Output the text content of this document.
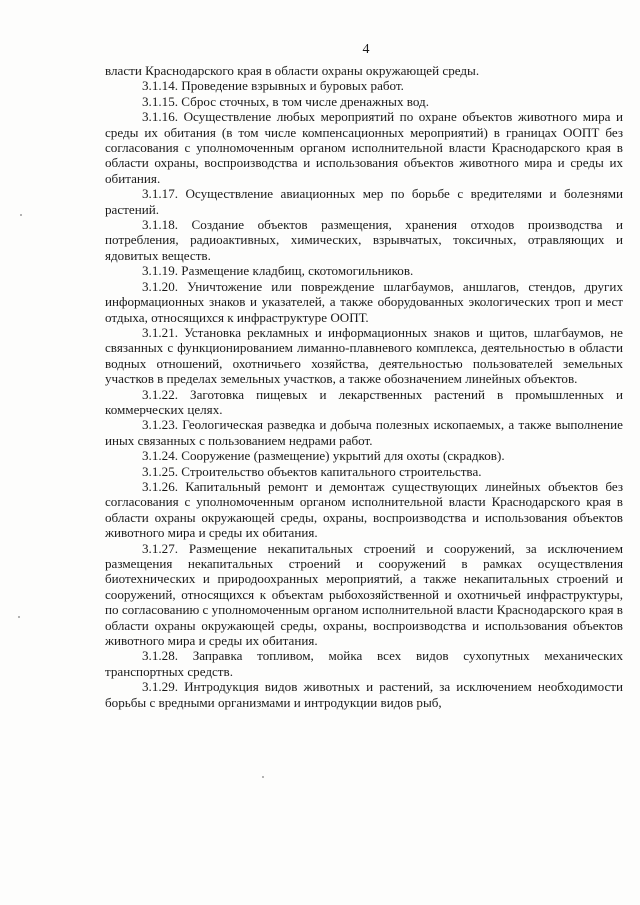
4

власти Краснодарского края в области охраны окружающей среды.

3.1.14. Проведение взрывных и буровых работ.

3.1.15. Сброс сточных, в том числе дренажных вод.

3.1.16. Осуществление любых мероприятий по охране объектов животного мира и среды их обитания (в том числе компенсационных мероприятий) в границах ООПТ без согласования с уполномоченным органом исполнительной власти Краснодарского края в области охраны, воспроизводства и использования объектов животного мира и среды их обитания.

3.1.17. Осуществление авиационных мер по борьбе с вредителями и болезнями растений.

3.1.18. Создание объектов размещения, хранения отходов производства и потребления, радиоактивных, химических, взрывчатых, токсичных, отравляющих и ядовитых веществ.

3.1.19. Размещение кладбищ, скотомогильников.

3.1.20. Уничтожение или повреждение шлагбаумов, аншлагов, стендов, других информационных знаков и указателей, а также оборудованных экологических троп и мест отдыха, относящихся к инфраструктуре ООПТ.

3.1.21. Установка рекламных и информационных знаков и щитов, шлагбаумов, не связанных с функционированием лиманно-плавневого комплекса, деятельностью в области водных отношений, охотничьего хозяйства, деятельностью пользователей земельных участков в пределах земельных участков, а также обозначением линейных объектов.

3.1.22. Заготовка пищевых и лекарственных растений в промышленных и коммерческих целях.

3.1.23. Геологическая разведка и добыча полезных ископаемых, а также выполнение иных связанных с пользованием недрами работ.

3.1.24. Сооружение (размещение) укрытий для охоты (скрадков).

3.1.25. Строительство объектов капитального строительства.

3.1.26. Капитальный ремонт и демонтаж существующих линейных объектов без согласования с уполномоченным органом исполнительной власти Краснодарского края в области охраны окружающей среды, охраны, воспроизводства и использования объектов животного мира и среды их обитания.

3.1.27. Размещение некапитальных строений и сооружений, за исключением размещения некапитальных строений и сооружений в рамках осуществления биотехнических и природоохранных мероприятий, а также некапитальных строений и сооружений, относящихся к объектам рыбохозяйственной и охотничьей инфраструктуры, по согласованию с уполномоченным органом исполнительной власти Краснодарского края в области охраны окружающей среды, охраны, воспроизводства и использования объектов животного мира и среды их обитания.

3.1.28. Заправка топливом, мойка всех видов сухопутных механических транспортных средств.

3.1.29. Интродукция видов животных и растений, за исключением необходимости борьбы с вредными организмами и интродукции видов рыб,
